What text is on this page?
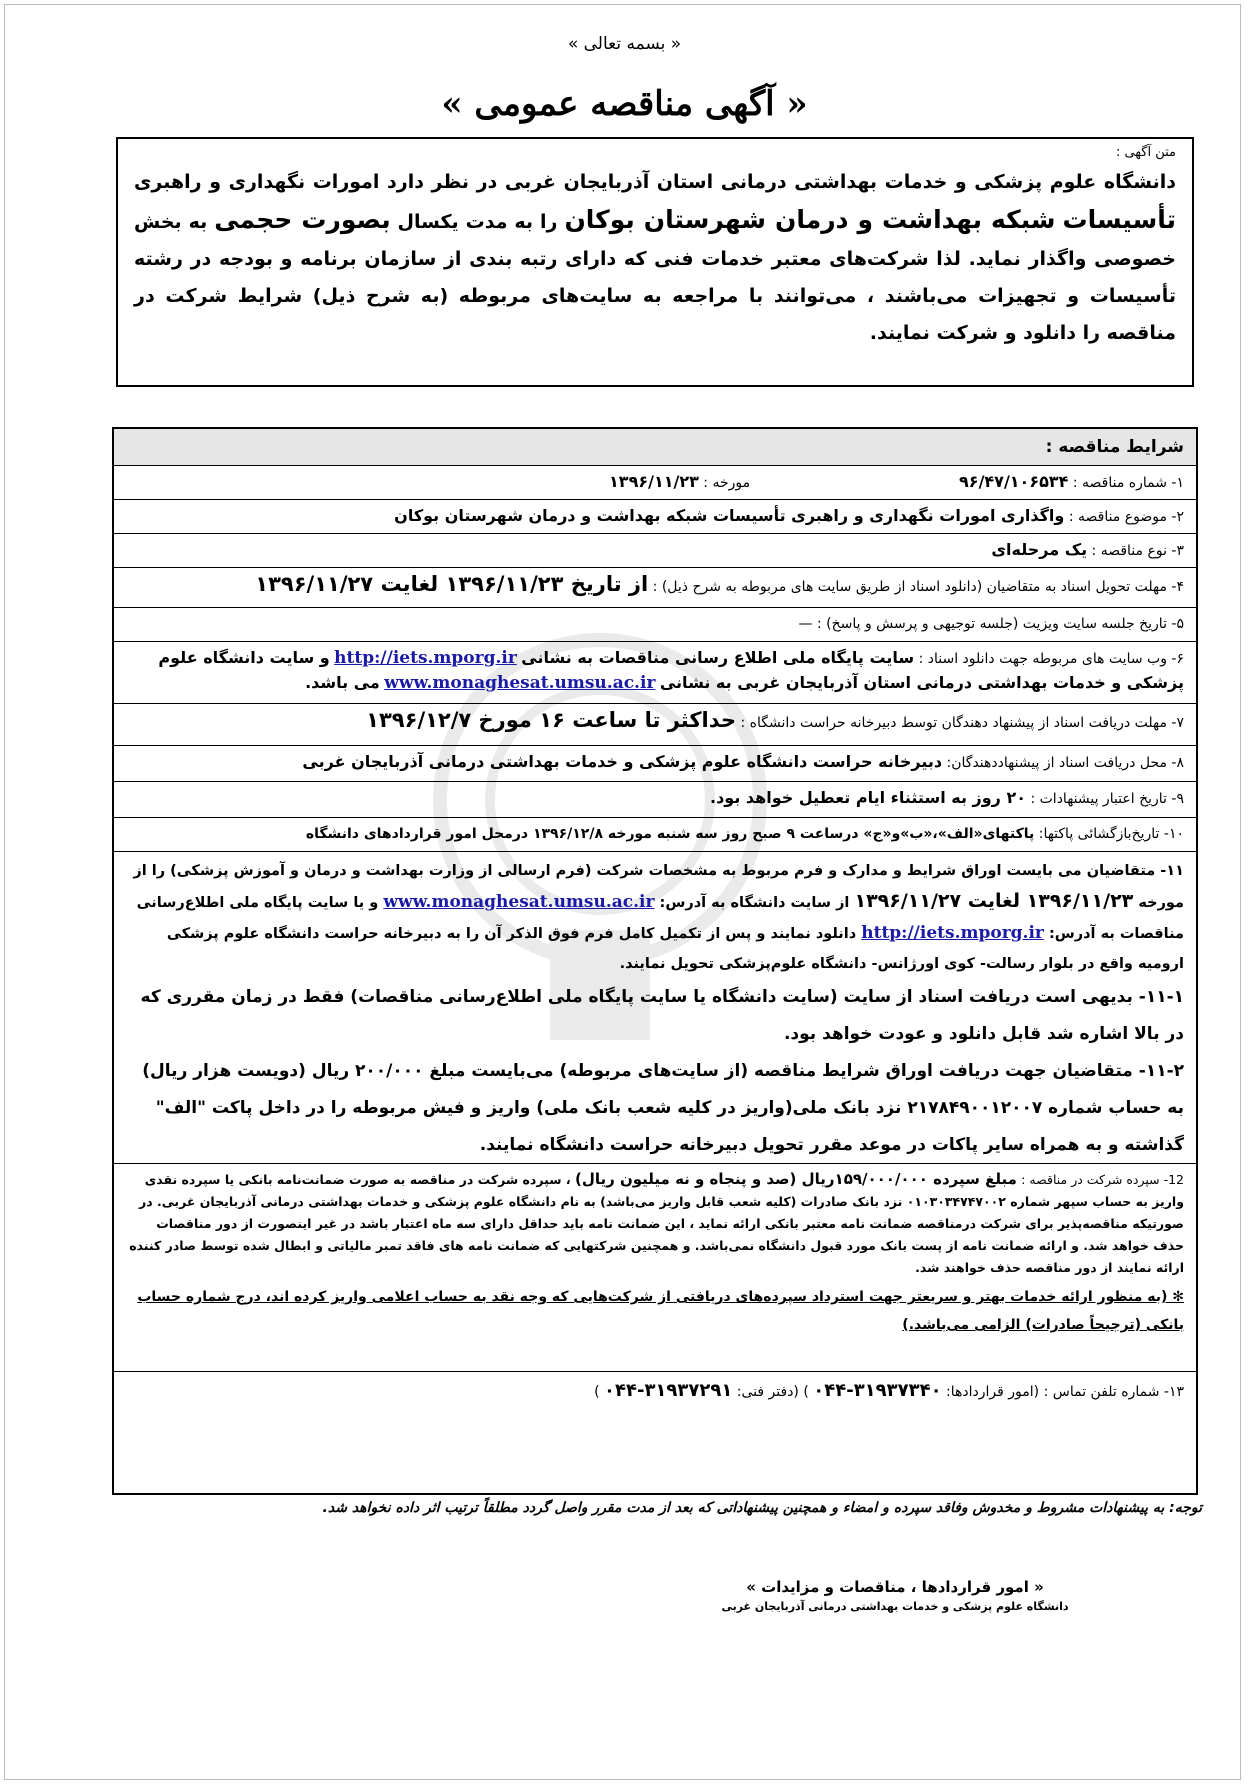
« بسمه تعالی »
« آگهی مناقصه عمومی »
متن آگهی :
دانشگاه علوم پزشکی و خدمات بهداشتی درمانی استان آذربایجان غربی در نظر دارد امورات نگهداری و راهبری تأسیسات شبکه بهداشت و درمان شهرستان بوکان را به مدت یکسال بصورت حجمی به بخش خصوصی واگذار نماید. لذا شرکت‌های معتبر خدمات فنی که دارای رتبه بندی از سازمان برنامه و بودجه در رشته تأسیسات و تجهیزات می‌باشند ، می‌توانند با مراجعه به سایت‌های مربوطه (به شرح ذیل) شرایط شرکت در مناقصه را دانلود و شرکت نمایند.
شرایط مناقصه :
۱- شماره مناقصه : ۹۶/۴۷/۱۰۶۵۳۴  مورخه : ۱۳۹۶/۱۱/۲۳
۲- موضوع مناقصه : واگذاری امورات نگهداری و راهبری تأسیسات شبکه بهداشت و درمان شهرستان بوکان
۳- نوع مناقصه : یک مرحله‌ای
۴- مهلت تحویل اسناد به متقاضیان (دانلود اسناد از طریق سایت های مربوطه به شرح ذیل) : از تاریخ ۱۳۹۶/۱۱/۲۳ لغایت ۱۳۹۶/۱۱/۲۷
۵- تاریخ جلسه سایت ویزیت (جلسه توجیهی و پرسش و پاسخ) : —
۶- وب سایت های مربوطه جهت دانلود اسناد : سایت پایگاه ملی اطلاع رسانی مناقصات به نشانی http://iets.mporg.ir و سایت دانشگاه علوم پزشکی و خدمات بهداشتی درمانی استان آذربایجان غربی به نشانی www.monaghesat.umsu.ac.ir می باشد.
۷- مهلت دریافت اسناد از پیشنهاد دهندگان توسط دبیرخانه حراست دانشگاه : حداکثر تا ساعت ۱۶ مورخ ۱۳۹۶/۱۲/۷
۸- محل دریافت اسناد از پیشنهاددهندگان: دبیرخانه حراست دانشگاه علوم پزشکی و خدمات بهداشتی درمانی آذربایجان غربی
۹- تاریخ اعتبار پیشنهادات : ۲۰ روز به استثناء ایام تعطیل خواهد بود.
۱۰- تاریخ‌بازگشائی پاکتها: پاکتهای«الف»،«ب»و«ج» درساعت ۹ صبح روز سه شنبه مورخه ۱۳۹۶/۱۲/۸ درمحل امور قراردادهای دانشگاه
۱۱- متقاضیان می بایست اوراق شرایط و مدارک و فرم مربوط به مشخصات شرکت (فرم ارسالی از وزارت بهداشت و درمان و آموزش پزشکی) را از مورخه ۱۳۹۶/۱۱/۲۳ لغایت ۱۳۹۶/۱۱/۲۷ از سایت دانشگاه به آدرس: www.monaghesat.umsu.ac.ir و یا سایت پایگاه ملی اطلاع‌رسانی مناقصات به آدرس: http://iets.mporg.ir دانلود نمایند و پس از تکمیل کامل فرم فوق الذکر آن را به دبیرخانه حراست دانشگاه علوم پزشکی ارومیه واقع در بلوار رسالت- کوی اورژانس- دانشگاه علوم‌پزشکی تحویل نمایند.
۱۱-۱- بدیهی است دریافت اسناد از سایت (سایت دانشگاه یا سایت پایگاه ملی اطلاع‌رسانی مناقصات) فقط در زمان مقرری که در بالا اشاره شد قابل دانلود و عودت خواهد بود.
۱۱-۲- متقاضیان جهت دریافت اوراق شرایط مناقصه (از سایت‌های مربوطه) می‌بایست مبلغ ۲۰۰/۰۰۰ ریال (دویست هزار ریال) به حساب شماره ۲۱۷۸۴۹۰۰۱۲۰۰۷ نزد بانک ملی(واریز در کلیه شعب بانک ملی) واریز و فیش مربوطه را در داخل پاکت "الف" گذاشته و به همراه سایر پاکات در موعد مقرر تحویل دبیرخانه حراست دانشگاه نمایند.
12- سپرده شرکت در مناقصه : مبلغ سپرده ۱۵۹/۰۰۰/۰۰۰ریال (صد و پنجاه و نه میلیون ریال) ، سپرده شرکت در مناقصه به صورت ضمانت‌نامه بانکی یا سپرده نقدی واریز به حساب سپهر شماره ۰۱۰۳۰۳۴۷۴۷۰۰۲ نزد بانک صادرات (کلیه شعب قابل واریز می‌باشد) به نام دانشگاه علوم پزشکی و خدمات بهداشتی درمانی آذربایجان غربی. در صورتیکه مناقصه‌پذیر برای شرکت درمناقصه ضمانت نامه معتبر بانکی ارائه نماید ، این ضمانت نامه باید حداقل دارای سه ماه اعتبار باشد در غیر اینصورت از دور مناقصات حذف خواهد شد. و ارائه ضمانت نامه از پست بانک مورد قبول دانشگاه نمی‌باشد. و همچنین شرکتهایی که ضمانت نامه های فاقد تمبر مالیاتی و ابطال شده توسط صادر کننده ارائه نمایند از دور مناقصه حذف خواهند شد.
✻ (به منظور ارائه خدمات بهتر و سریعتر جهت استرداد سپرده‌های دریافتی از شرکت‌هایی که وجه نقد به حساب اعلامی واریز کرده اند، درج شماره حساب بانکی (ترجیحاً صادرات) الزامی می‌باشد.)
۱۳- شماره تلفن تماس : (امور قراردادها: ۰۴۴-۳۱۹۳۷۳۴۰ ) (دفتر فنی: ۰۴۴-۳۱۹۳۷۲۹۱ )
توجه: به پیشنهادات مشروط و مخدوش وفاقد سپرده و امضاء و همچنین پیشنهاداتی که بعد از مدت مقرر واصل گردد مطلقاً ترتیب اثر داده نخواهد شد.
« امور قراردادها ، مناقصات و مزایدات »
دانشگاه علوم پزشکی و خدمات بهداشتی درمانی آذربایجان غربی
